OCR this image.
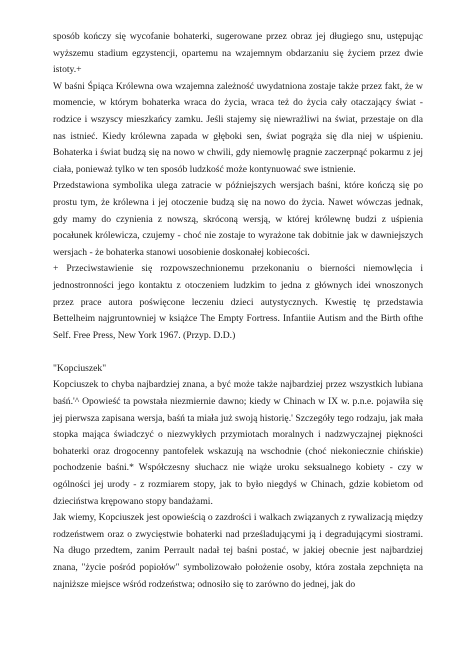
sposób kończy się wycofanie bohaterki, sugerowane przez obraz jej długiego snu, ustępując wyższemu stadium egzystencji, opartemu na wzajemnym obdarzaniu się życiem przez dwie istoty.+

W baśni Śpiąca Królewna owa wzajemna zależność uwydatniona zostaje także przez fakt, że w momencie, w którym bohaterka wraca do życia, wraca też do życia cały otaczający świat - rodzice i wszyscy mieszkańcy zamku. Jeśli stajemy się niewrażliwi na świat, przestaje on dla nas istnieć. Kiedy królewna zapada w głęboki sen, świat pogrąża się dla niej w uśpieniu. Bohaterka i świat budzą się na nowo w chwili, gdy niemowlę pragnie zaczerpnąć pokarmu z jej ciała, ponieważ tylko w ten sposób ludzkość może kontynuować swe istnienie.

Przedstawiona symbolika ulega zatracie w późniejszych wersjach baśni, które kończą się po prostu tym, że królewna i jej otoczenie budzą się na nowo do życia. Nawet wówczas jednak, gdy mamy do czynienia z nowszą, skróconą wersją, w której królewnę budzi z uśpienia pocałunek królewicza, czujemy - choć nie zostaje to wyrażone tak dobitnie jak w dawniejszych wersjach - że bohaterka stanowi uosobienie doskonałej kobiecości.

+ Przeciwstawienie się rozpowszechnionemu przekonaniu o bierności niemowlęcia i jednostronności jego kontaktu z otoczeniem ludzkim to jedna z głównych idei wnoszonych przez prace autora poświęcone leczeniu dzieci autystycznych. Kwestię tę przedstawia Bettelheim najgruntowniej w książce The Empty Fortress. Infantiie Autism and the Birth ofthe Self. Free Press, New York 1967. (Przyp. D.D.)

"Kopciuszek"

Kopciuszek to chyba najbardziej znana, a być może także najbardziej przez wszystkich lubiana baśń.'^ Opowieść ta powstała niezmiernie dawno; kiedy w Chinach w IX w. p.n.e. pojawiła się jej pierwsza zapisana wersja, baśń ta miała już swoją historię.' Szczegóły tego rodzaju, jak mała stopka mająca świadczyć o niezwykłych przymiotach moralnych i nadzwyczajnej piękności bohaterki oraz drogocenny pantofelek wskazują na wschodnie (choć niekoniecznie chińskie) pochodzenie baśni.* Współczesny słuchacz nie wiąże uroku seksualnego kobiety - czy w ogólności jej urody - z rozmiarem stopy, jak to było niegdyś w Chinach, gdzie kobietom od dzieciństwa krępowano stopy bandażami.

Jak wiemy, Kopciuszek jest opowieścią o zazdrości i walkach związanych z rywalizacją między rodzeństwem oraz o zwycięstwie bohaterki nad prześladującymi ją i degradującymi siostrami. Na długo przedtem, zanim Perrault nadał tej baśni postać, w jakiej obecnie jest najbardziej znana, "życie pośród popiołów" symbolizowało położenie osoby, która została zepchnięta na najniższe miejsce wśród rodzeństwa; odnosiło się to zarówno do jednej, jak do
